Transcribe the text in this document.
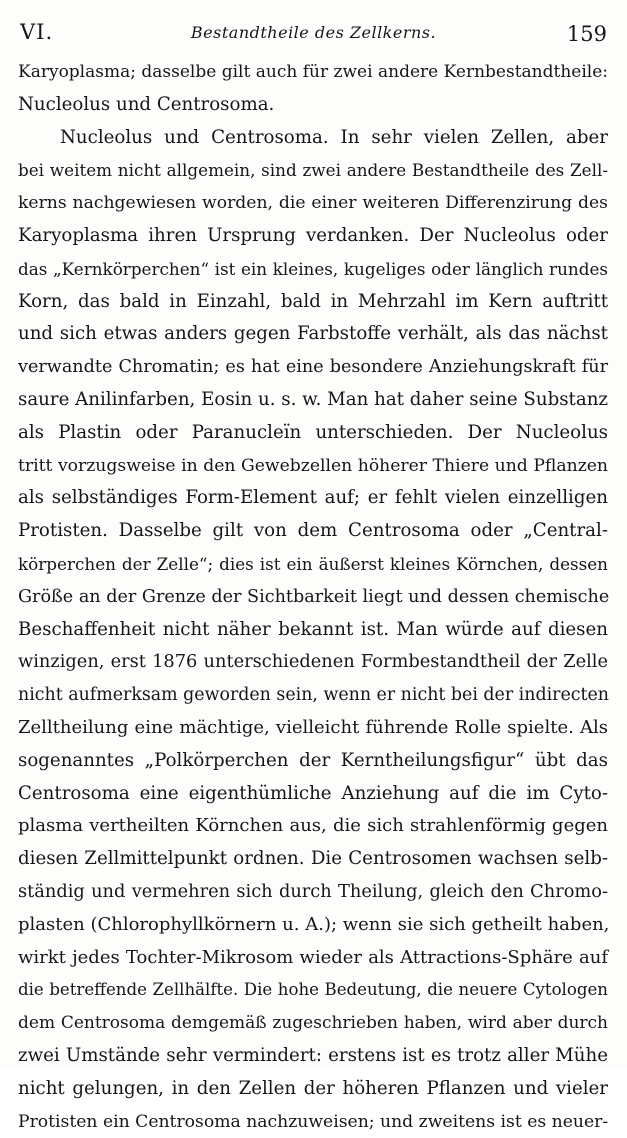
VI.	Bestandtheile des Zellkerns.	159
Karyoplasma; dasselbe gilt auch für zwei andere Kernbestandtheile:
Nucleolus und Centrosoma.
Nucleolus und Centrosoma. In sehr vielen Zellen, aber
bei weitem nicht allgemein, sind zwei andere Bestandtheile des Zell-
kerns nachgewiesen worden, die einer weiteren Differenzirung des
Karyoplasma ihren Ursprung verdanken. Der Nucleolus oder
das „Kernkörperchen“ ist ein kleines, kugeliges oder länglich rundes
Korn, das bald in Einzahl, bald in Mehrzahl im Kern auftritt
und sich etwas anders gegen Farbstoffe verhält, als das nächst
verwandte Chromatin; es hat eine besondere Anziehungskraft für
saure Anilinfarben, Eosin u. s. w. Man hat daher seine Substanz
als Plastin oder Paranucleïn unterschieden. Der Nucleolus
tritt vorzugsweise in den Gewebzellen höherer Thiere und Pflanzen
als selbständiges Form-Element auf; er fehlt vielen einzelligen
Protisten. Dasselbe gilt von dem Centrosoma oder „Central-
körperchen der Zelle“; dies ist ein äußerst kleines Körnchen, dessen
Größe an der Grenze der Sichtbarkeit liegt und dessen chemische
Beschaffenheit nicht näher bekannt ist. Man würde auf diesen
winzigen, erst 1876 unterschiedenen Formbestandtheil der Zelle
nicht aufmerksam geworden sein, wenn er nicht bei der indirecten
Zelltheilung eine mächtige, vielleicht führende Rolle spielte. Als
sogenanntes „Polkörperchen der Kerntheilungsfigur“ übt das
Centrosoma eine eigenthümliche Anziehung auf die im Cyto-
plasma vertheilten Körnchen aus, die sich strahlenförmig gegen
diesen Zellmittelpunkt ordnen. Die Centrosomen wachsen selb-
ständig und vermehren sich durch Theilung, gleich den Chromo-
plasten (Chlorophyllkörnern u. A.); wenn sie sich getheilt haben,
wirkt jedes Tochter-Mikrosom wieder als Attractions-Sphäre auf
die betreffende Zellhälfte. Die hohe Bedeutung, die neuere Cytologen
dem Centrosoma demgemäß zugeschrieben haben, wird aber durch
zwei Umstände sehr vermindert: erstens ist es trotz aller Mühe
nicht gelungen, in den Zellen der höheren Pflanzen und vieler
Protisten ein Centrosoma nachzuweisen; und zweitens ist es neuer-
